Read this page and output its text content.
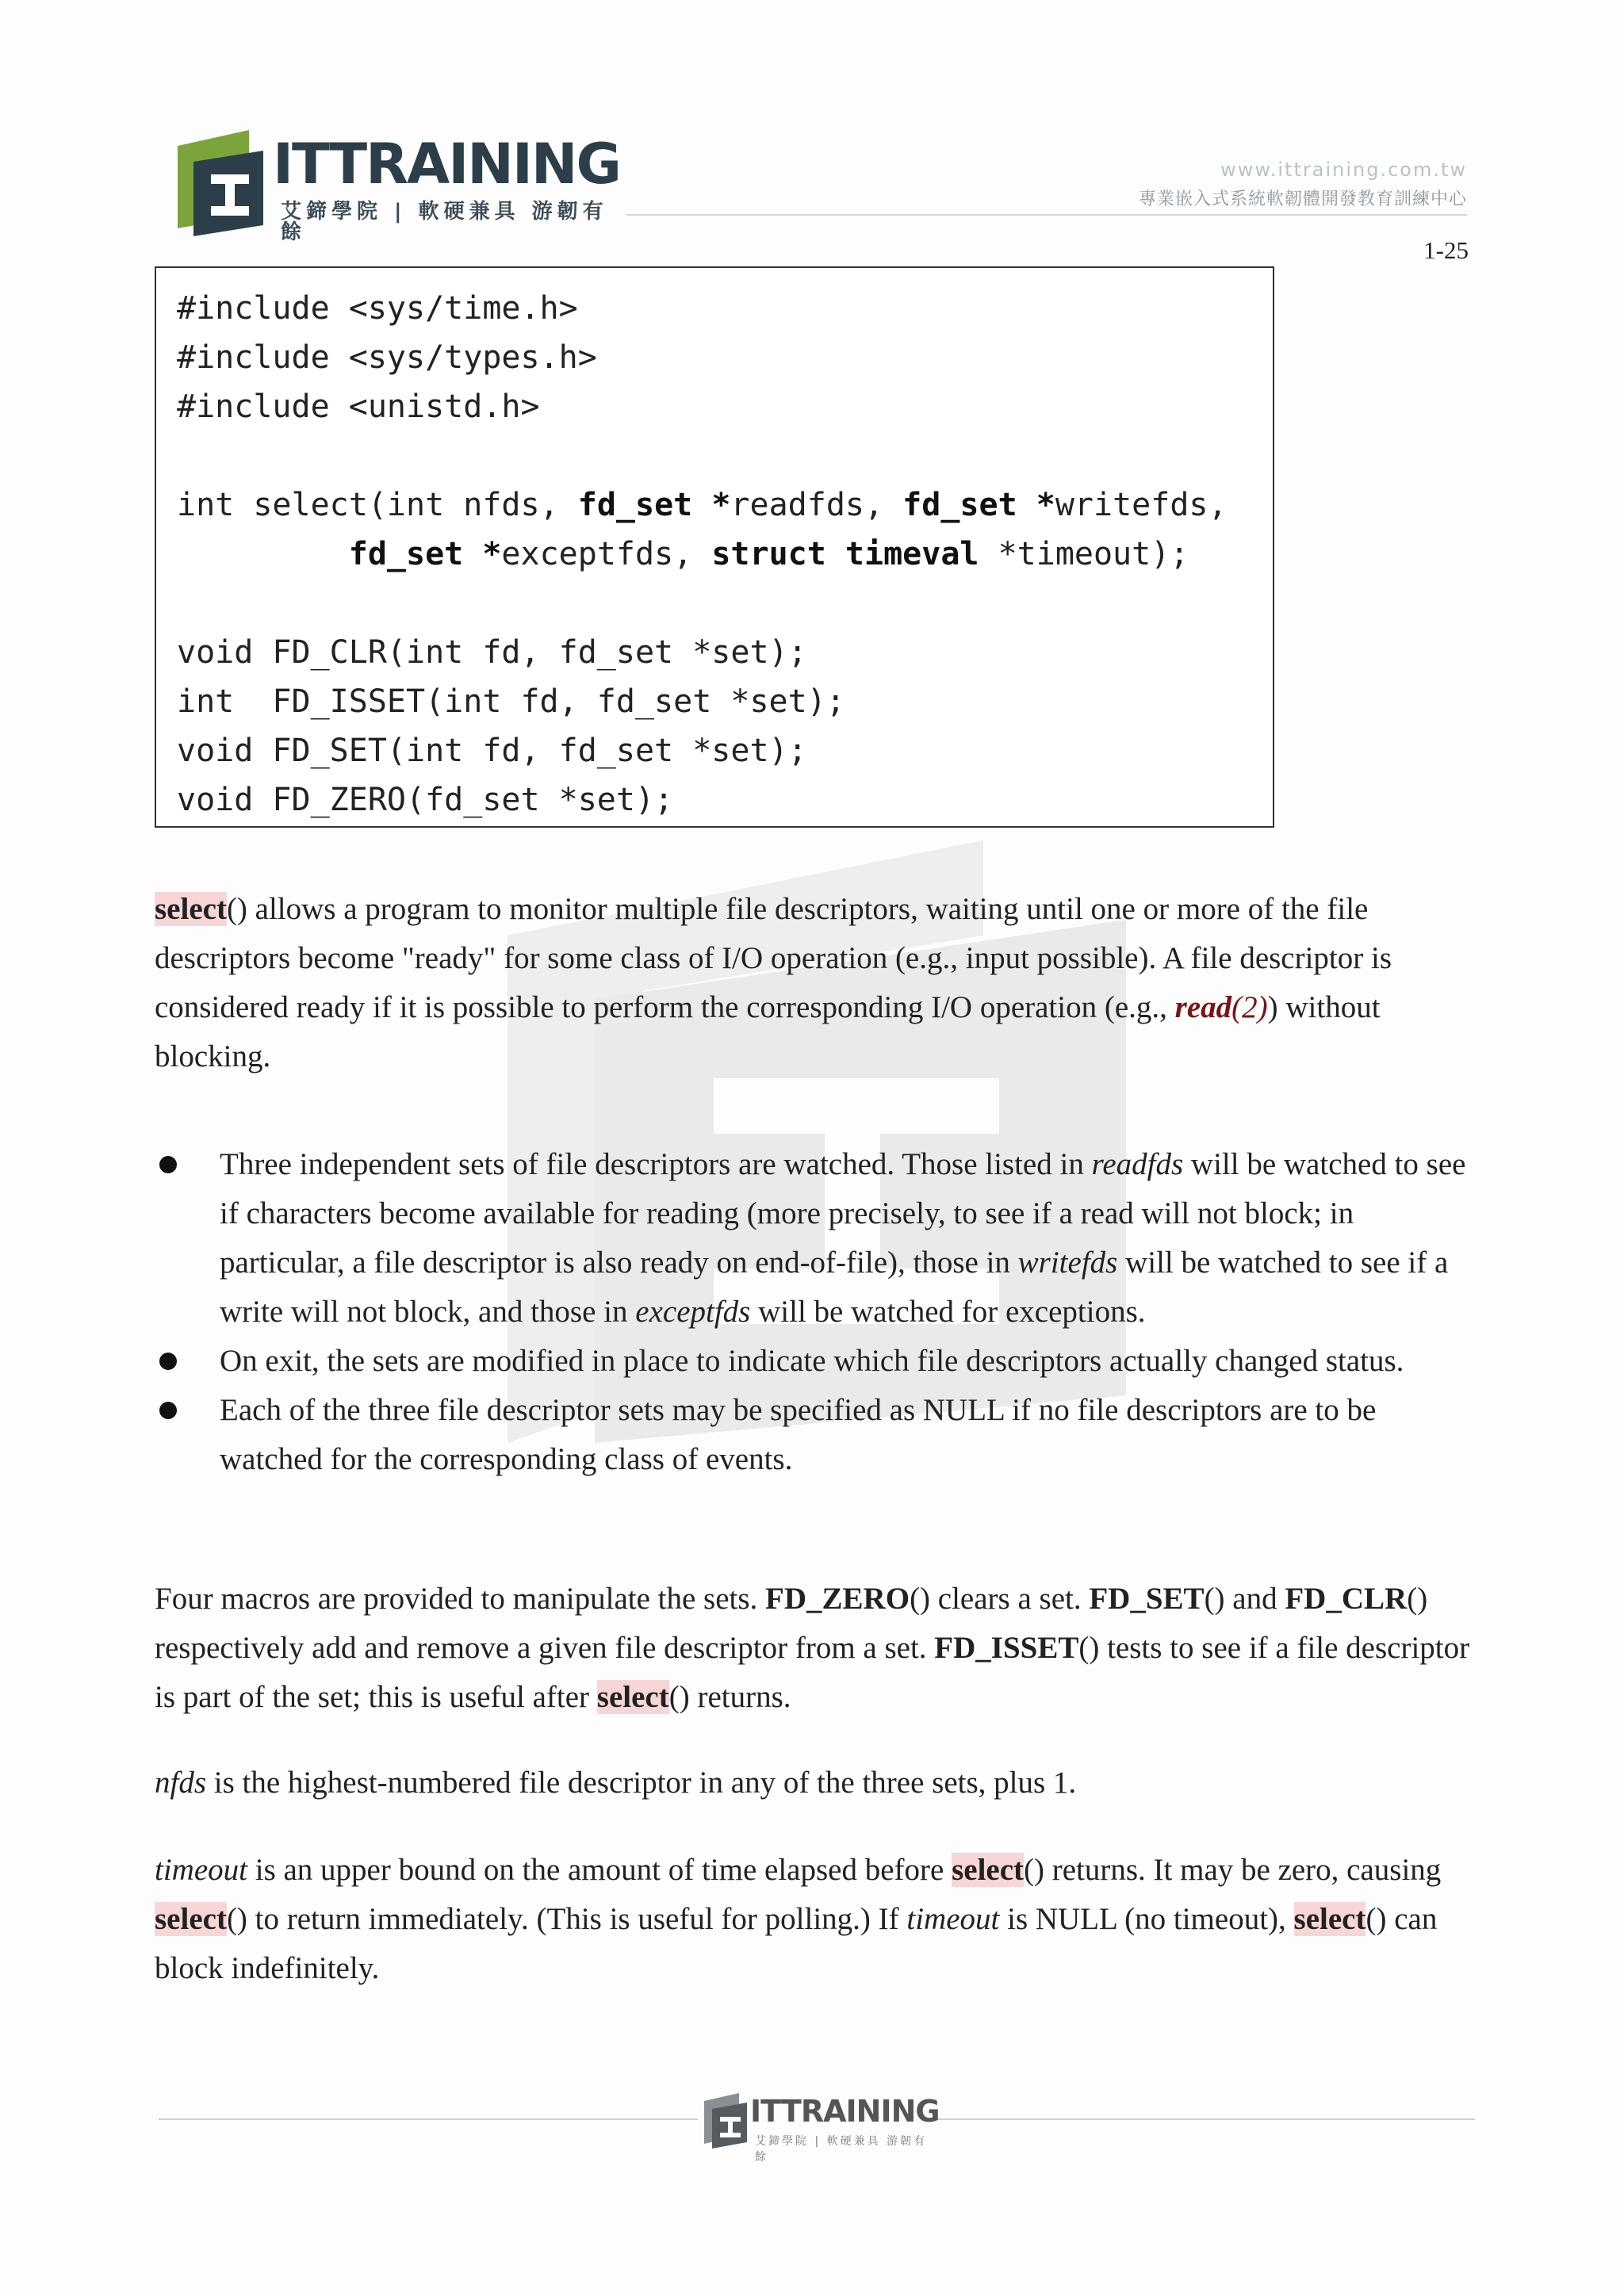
ITTRAINING
艾鍗學院 | 軟硬兼具 游韌有餘
www.ittraining.com.tw
專業嵌入式系統軟韌體開發教育訓練中心
1-25
#include <sys/time.h>
#include <sys/types.h>
#include <unistd.h>

int select(int nfds, fd_set *readfds, fd_set *writefds,
fd_set *exceptfds, struct timeval *timeout);

void FD_CLR(int fd, fd_set *set);
int  FD_ISSET(int fd, fd_set *set);
void FD_SET(int fd, fd_set *set);
void FD_ZERO(fd_set *set);

select() allows a program to monitor multiple file descriptors, waiting until one or more of the file descriptors become "ready" for some class of I/O operation (e.g., input possible). A file descriptor is considered ready if it is possible to perform the corresponding I/O operation (e.g., read(2)) without blocking.

Three independent sets of file descriptors are watched. Those listed in readfds will be watched to see if characters become available for reading (more precisely, to see if a read will not block; in particular, a file descriptor is also ready on end-of-file), those in writefds will be watched to see if a write will not block, and those in exceptfds will be watched for exceptions.
On exit, the sets are modified in place to indicate which file descriptors actually changed status.
Each of the three file descriptor sets may be specified as NULL if no file descriptors are to be watched for the corresponding class of events.

Four macros are provided to manipulate the sets. FD_ZERO() clears a set. FD_SET() and FD_CLR() respectively add and remove a given file descriptor from a set. FD_ISSET() tests to see if a file descriptor is part of the set; this is useful after select() returns.

nfds is the highest-numbered file descriptor in any of the three sets, plus 1.

timeout is an upper bound on the amount of time elapsed before select() returns. It may be zero, causing select() to return immediately. (This is useful for polling.) If timeout is NULL (no timeout), select() can block indefinitely.

ITTRAINING
艾鍗學院 | 軟硬兼具 游韌有餘
